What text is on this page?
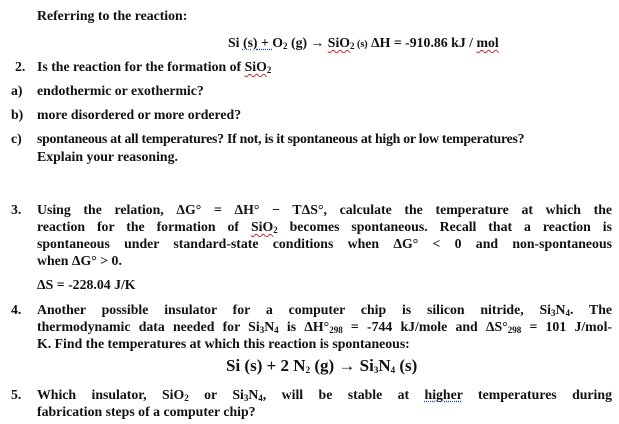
Referring to the reaction:
Si $(s) + O_2$ (g) → SiO$_2$ (s) ΔH = -910.86 kJ / mol
2. Is the reaction for the formation of SiO$_2$
a) endothermic or exothermic?
b) more disordered or more ordered?
c) spontaneous at all temperatures? If not, is it spontaneous at high or low temperatures?
Explain your reasoning.
3. Using the relation, ΔG° = ΔH° − TΔS°, calculate the temperature at which the
reaction for the formation of SiO$_2$ becomes spontaneous. Recall that a reaction is
spontaneous under standard-state conditions when ΔG° < 0 and non-spontaneous
when ΔG° > 0.
ΔS = -228.04 J/K
4. Another possible insulator for a computer chip is silicon nitride, $Si_3N_4$. The
thermodynamic data needed for $Si_3N_4$ is $\Delta H^\circ_{298} = -744$ kJ/mole and $\Delta S^\circ_{298} = 101$ J/mol-
K. Find the temperatures at which this reaction is spontaneous:
Si (s) + 2 $N_2$ $(g) \to Si_3N_4$ (s)
5. Which insulator, SiO$_2$ or $Si_3N_4$, will be stable at higher temperatures during
fabrication steps of a computer chip?
